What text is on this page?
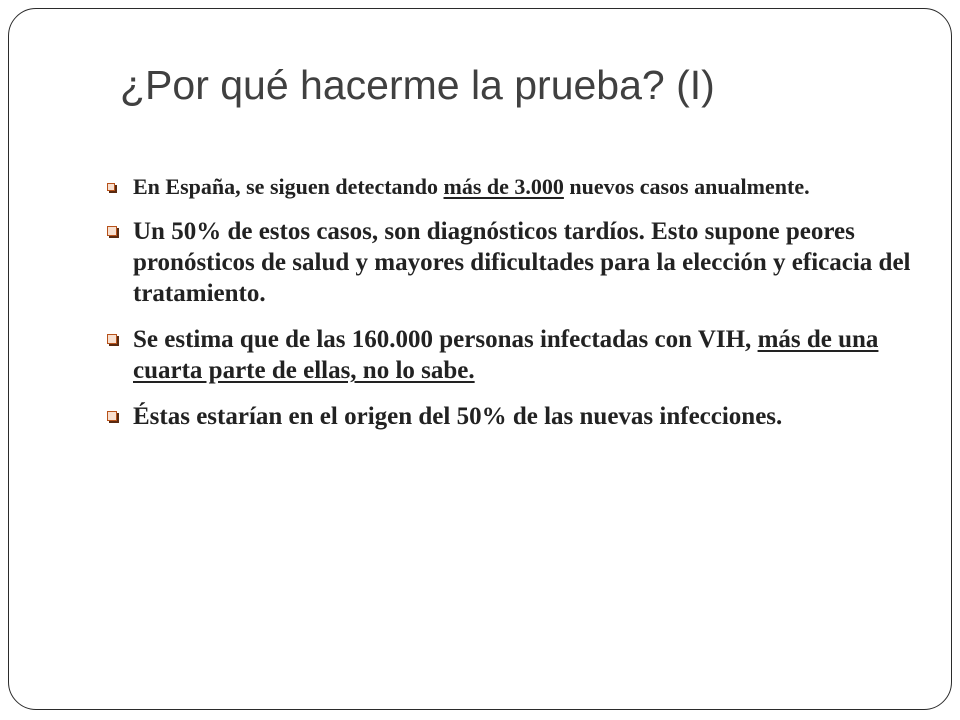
¿Por qué hacerme la prueba? (I)
En España, se siguen detectando más de 3.000 nuevos casos anualmente.
Un 50% de estos casos, son diagnósticos tardíos. Esto supone peores pronósticos de salud y mayores dificultades para la elección y eficacia del tratamiento.
Se estima que de las 160.000 personas infectadas con VIH, más de una cuarta parte de ellas, no lo sabe.
Éstas estarían en el origen del 50% de las nuevas infecciones.
